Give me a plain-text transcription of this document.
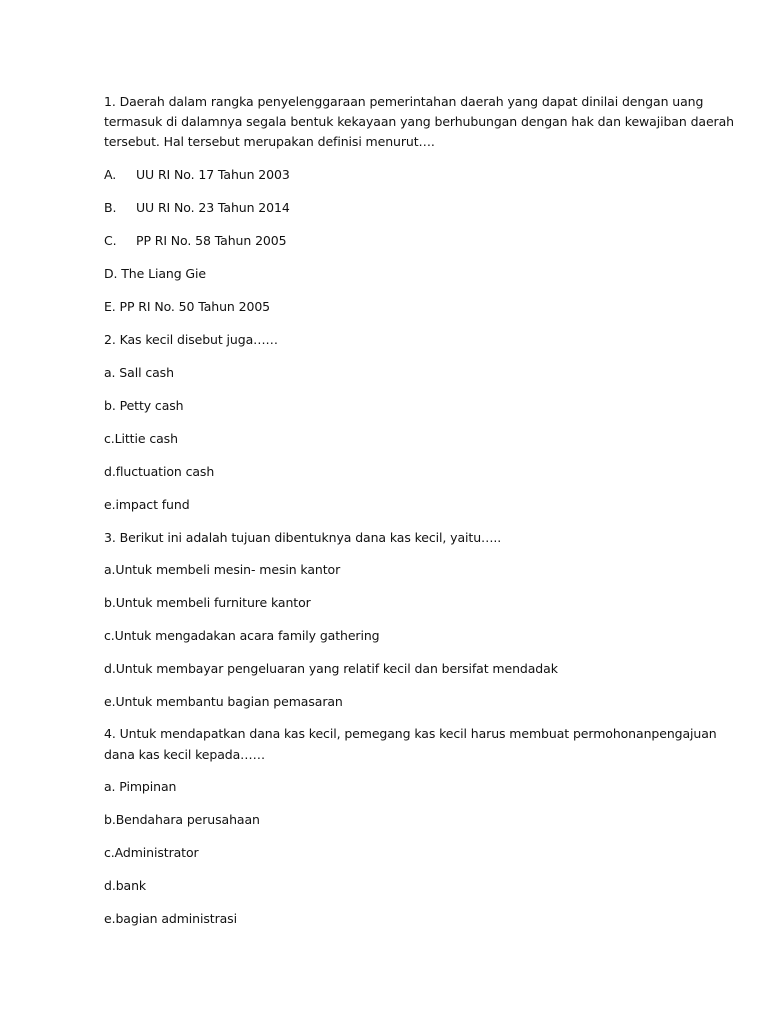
1. Daerah dalam rangka penyelenggaraan pemerintahan daerah yang dapat dinilai dengan uang
termasuk di dalamnya segala bentuk kekayaan yang berhubungan dengan hak dan kewajiban daerah
tersebut. Hal tersebut merupakan definisi menurut….
A. UU RI No. 17 Tahun 2003
B. UU RI No. 23 Tahun 2014
C. PP RI No. 58 Tahun 2005
D. The Liang Gie
E. PP RI No. 50 Tahun 2005
2. Kas kecil disebut juga……
a. Sall cash
b. Petty cash
c.Littie cash
d.fluctuation cash
e.impact fund
3. Berikut ini adalah tujuan dibentuknya dana kas kecil, yaitu…..
a.Untuk membeli mesin- mesin kantor
b.Untuk membeli furniture kantor
c.Untuk mengadakan acara family gathering
d.Untuk membayar pengeluaran yang relatif kecil dan bersifat mendadak
e.Untuk membantu bagian pemasaran
4. Untuk mendapatkan dana kas kecil, pemegang kas kecil harus membuat permohonanpengajuan
dana kas kecil kepada……
a. Pimpinan
b.Bendahara perusahaan
c.Administrator
d.bank
e.bagian administrasi
